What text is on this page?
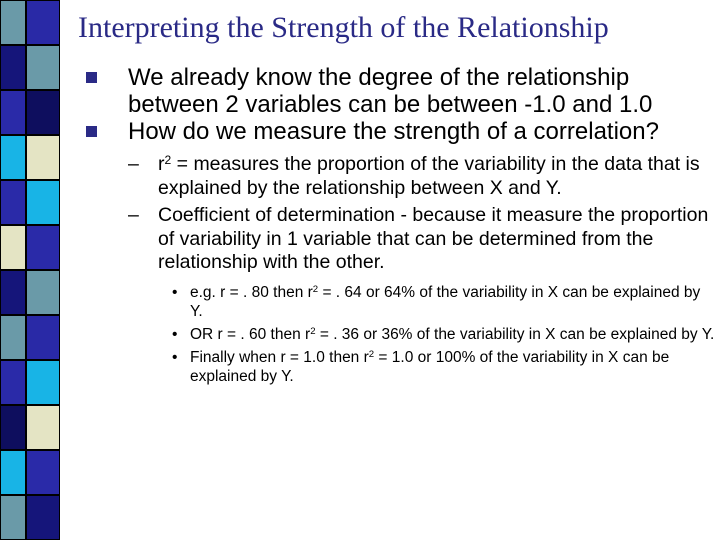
Interpreting the Strength of the Relationship
We already know the degree of the relationship between 2 variables can be between -1.0 and 1.0
How do we measure the strength of a correlation?
– $r^2$ = measures the proportion of the variability in the data that is explained by the relationship between X and Y.
– Coefficient of determination - because it measure the proportion of variability in 1 variable that can be determined from the relationship with the other.
• e.g. r = . 80 then $r^2$ = . 64 or 64% of the variability in X can be explained by Y.
• OR r = . 60 then $r^2$ = . 36 or 36% of the variability in X can be explained by Y.
• Finally when r = 1.0 then $r^2 = 1.0$ or 100% of the variability in X can be explained by Y.
